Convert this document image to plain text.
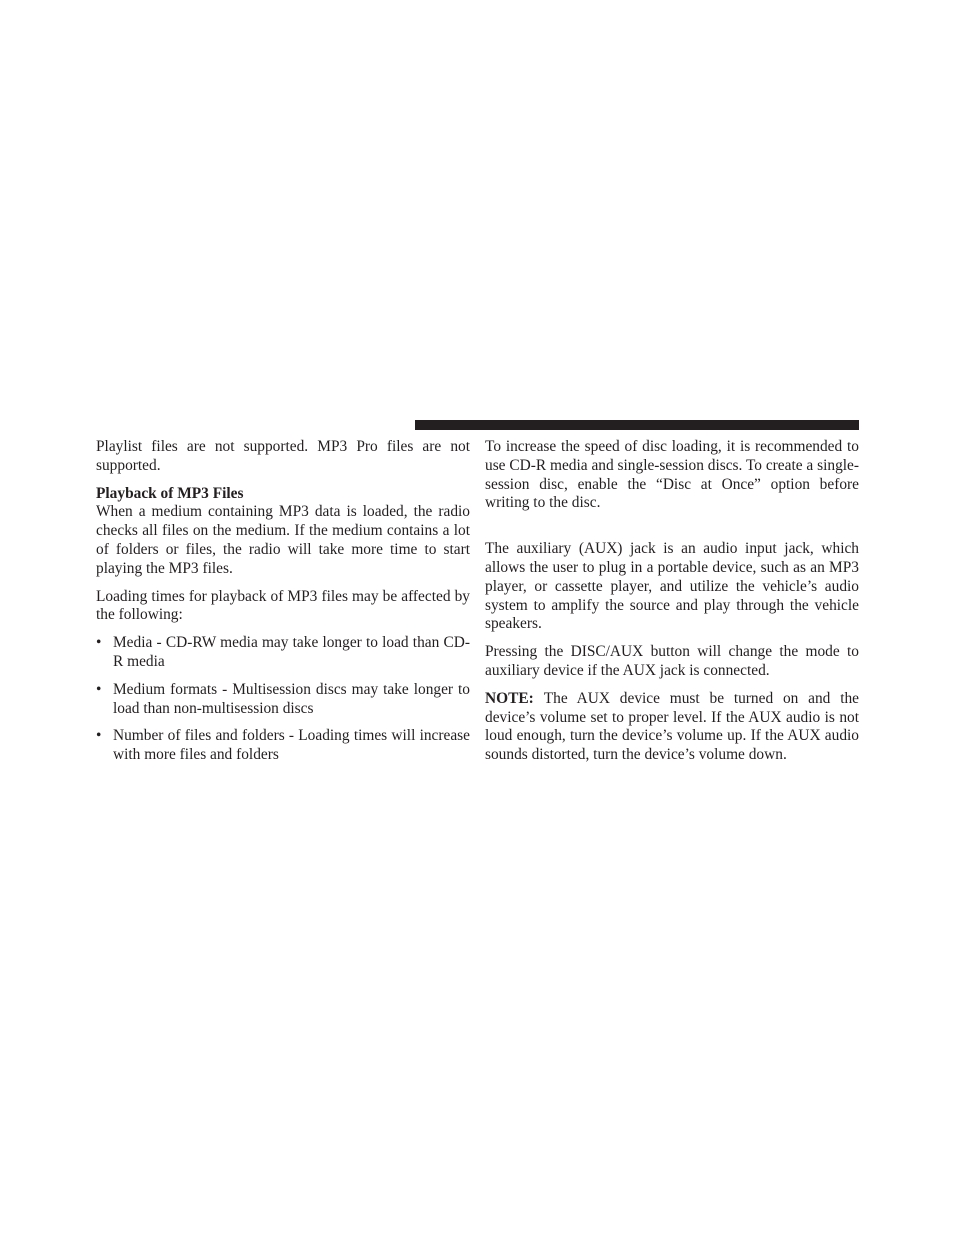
Playlist files are not supported. MP3 Pro files are not supported.

Playback of MP3 Files

When a medium containing MP3 data is loaded, the radio checks all files on the medium. If the medium contains a lot of folders or files, the radio will take more time to start playing the MP3 files.

Loading times for playback of MP3 files may be affected by the following:

• Media - CD-RW media may take longer to load than CD-R media
• Medium formats - Multisession discs may take longer to load than non-multisession discs
• Number of files and folders - Loading times will increase with more files and folders

To increase the speed of disc loading, it is recommended to use CD-R media and single-session discs. To create a single-session disc, enable the “Disc at Once” option before writing to the disc.

The auxiliary (AUX) jack is an audio input jack, which allows the user to plug in a portable device, such as an MP3 player, or cassette player, and utilize the vehicle’s audio system to amplify the source and play through the vehicle speakers.

Pressing the DISC/AUX button will change the mode to auxiliary device if the AUX jack is connected.

NOTE: The AUX device must be turned on and the device’s volume set to proper level. If the AUX audio is not loud enough, turn the device’s volume up. If the AUX audio sounds distorted, turn the device’s volume down.
